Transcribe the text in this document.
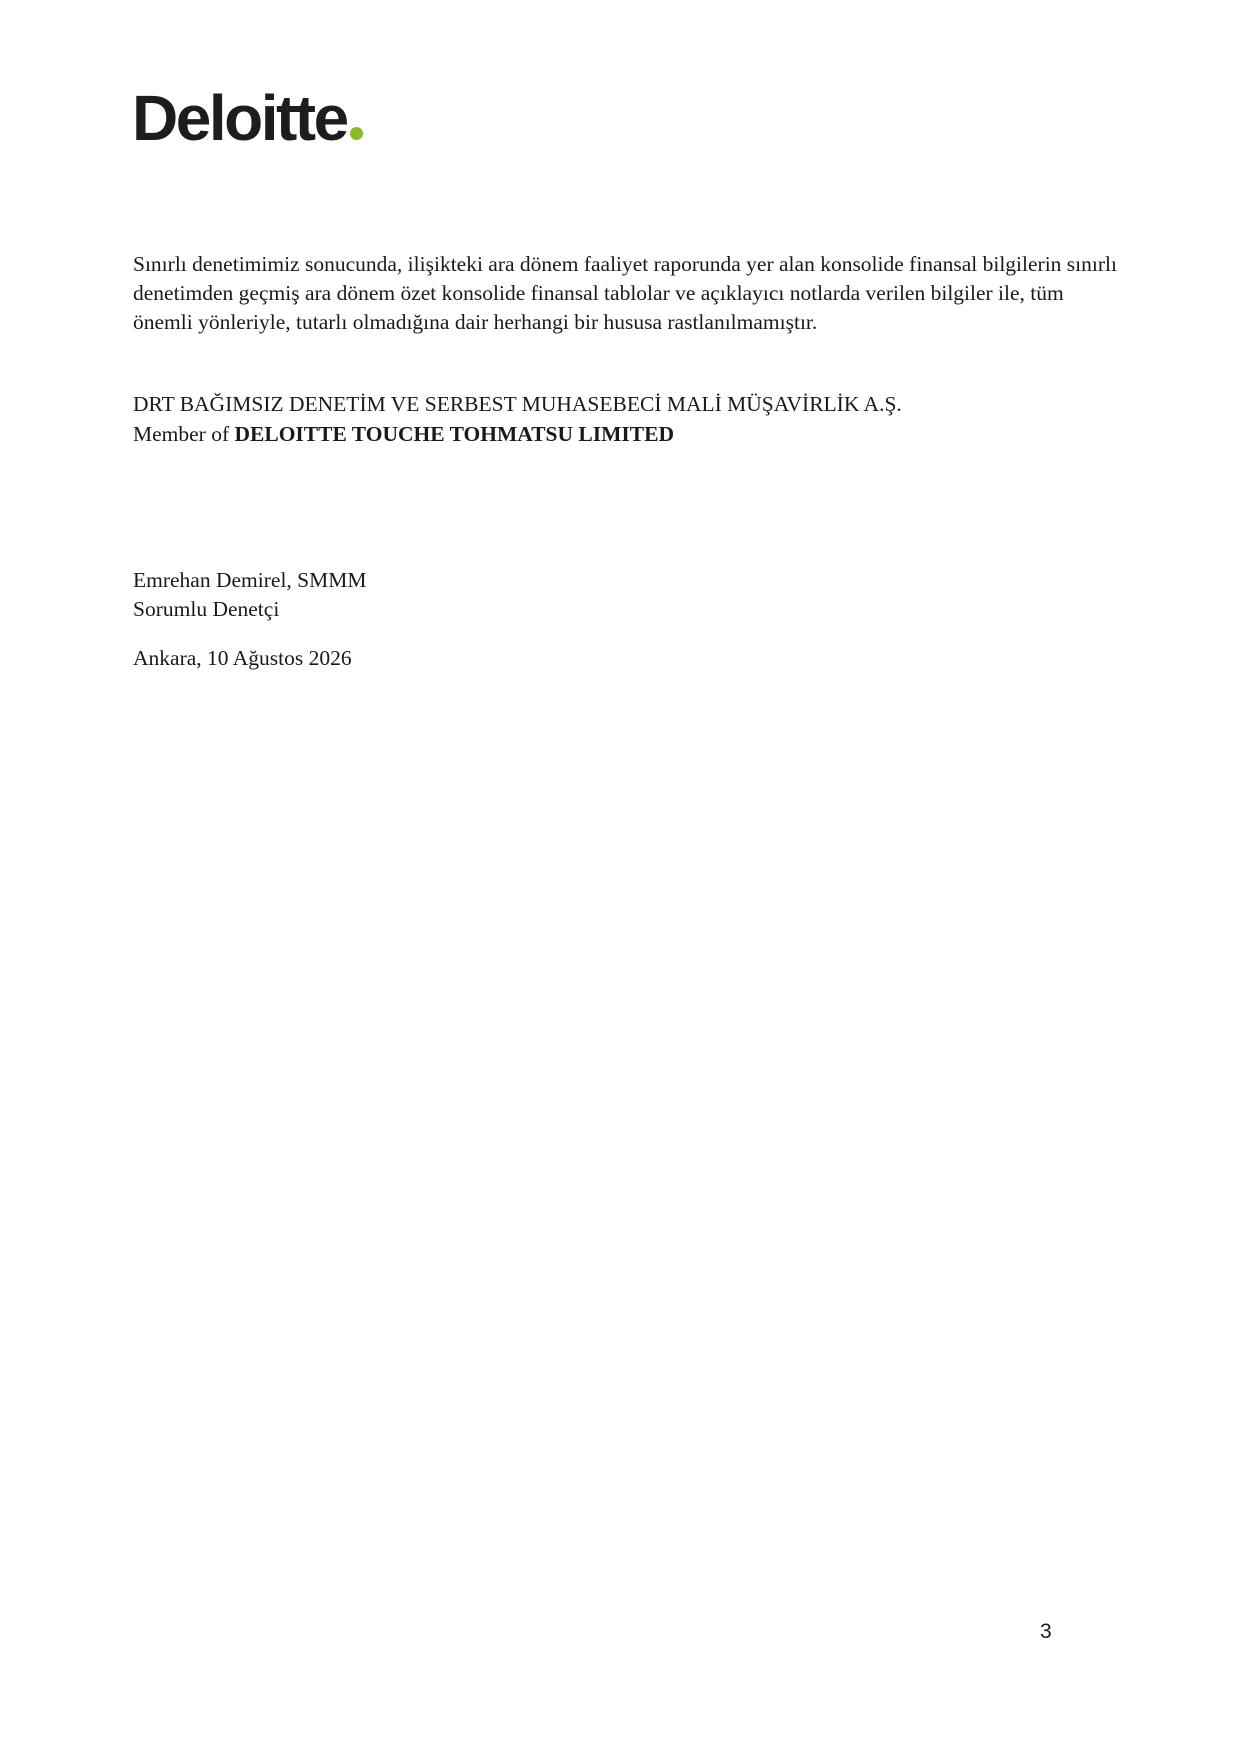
Deloitte

Sınırlı denetimimiz sonucunda, ilişikteki ara dönem faaliyet raporunda yer alan konsolide finansal bilgilerin sınırlı denetimden geçmiş ara dönem özet konsolide finansal tablolar ve açıklayıcı notlarda verilen bilgiler ile, tüm önemli yönleriyle, tutarlı olmadığına dair herhangi bir hususa rastlanılmamıştır.

DRT BAĞIMSIZ DENETİM VE SERBEST MUHASEBECİ MALİ MÜŞAVİRLİK A.Ş.
Member of DELOITTE TOUCHE TOHMATSU LIMITED
Emrehan Demirel, SMMM
Sorumlu Denetçi
Ankara, 10 Ağustos 2026
3
